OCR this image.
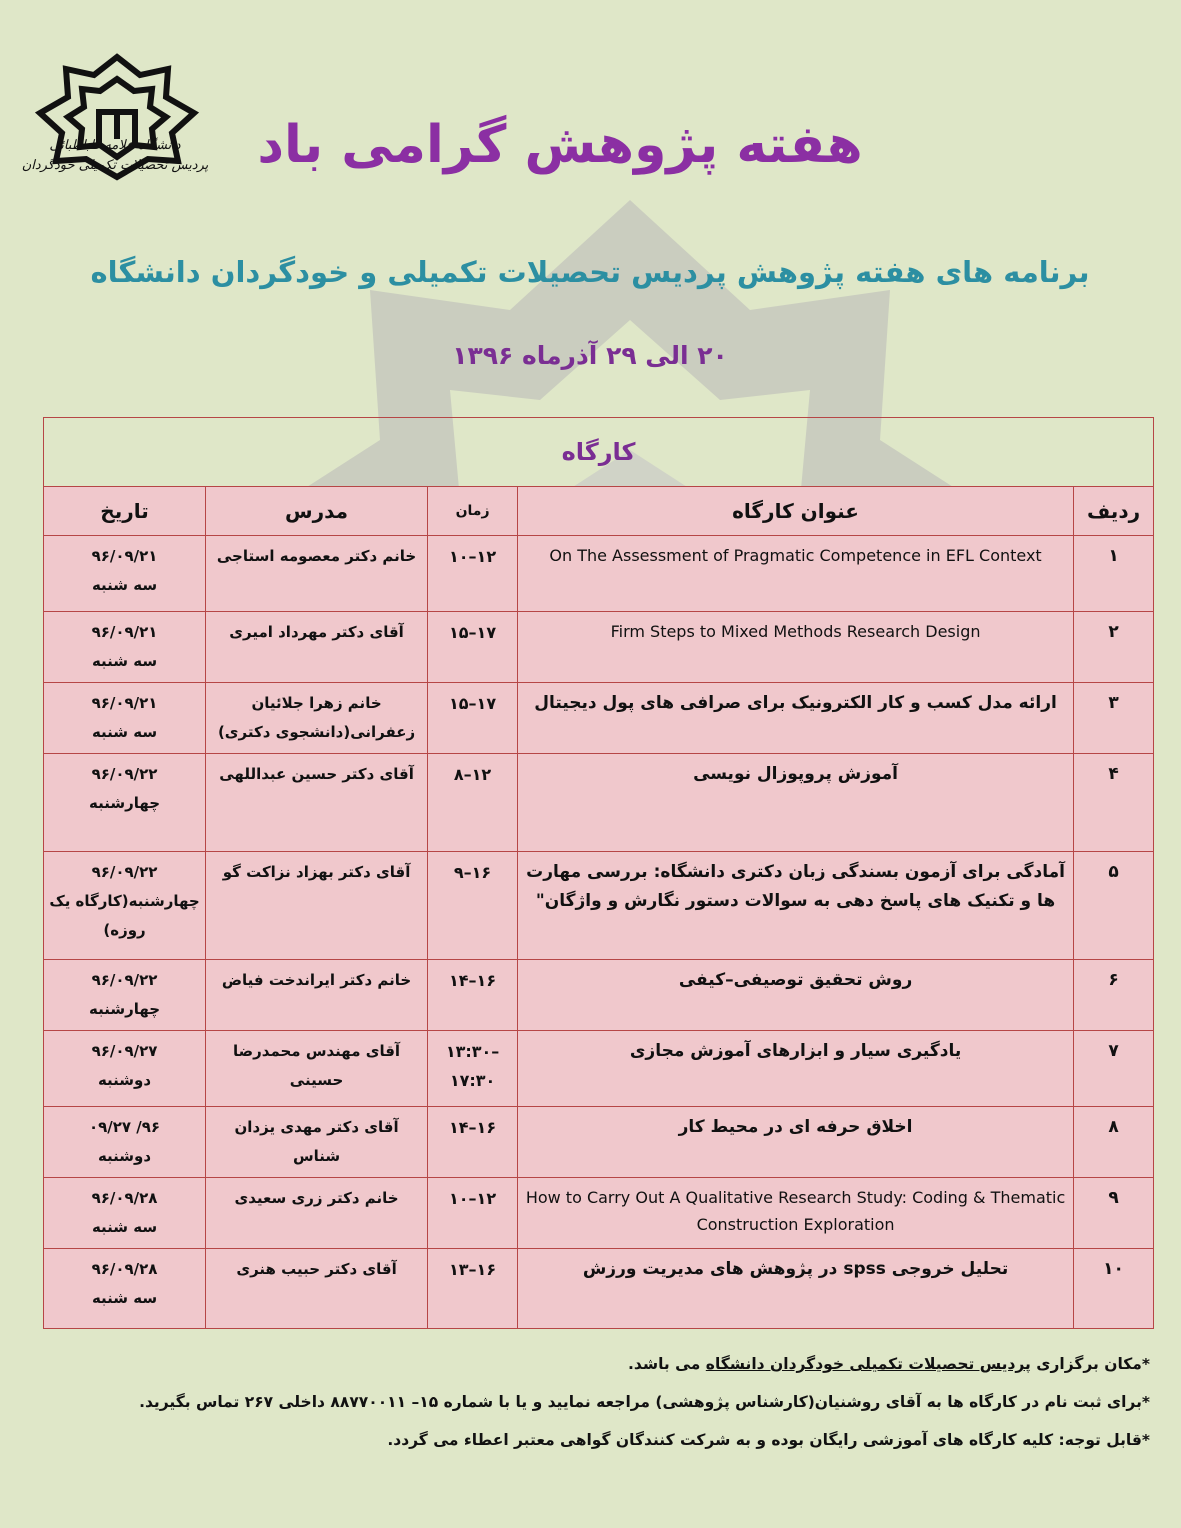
دانشگاه علامه طباطبائی
پردیس تحصیلات تکمیلی خودگردان هفته پژوهش گرامی باد
برنامه های هفته پژوهش پردیس تحصیلات تکمیلی و خودگردان دانشگاه
۲۰ الی ۲۹ آذرماه ۱۳۹۶
کارگاه				
ردیف	عنوان کارگاه	زمان	مدرس	تاریخ
۱	On The Assessment of Pragmatic Competence in EFL Context	۱۲–۱۰	خانم دکتر معصومه استاجی	۹۶/۰۹/۲۱
سه شنبه

۲	Firm Steps to Mixed Methods Research Design	۱۷–۱۵	آقای دکتر مهرداد امیری	۹۶/۰۹/۲۱
سه شنبه

۳	ارائه مدل کسب و کار الکترونیک برای صرافی های پول دیجیتال	۱۷–۱۵	خانم زهرا جلائیان زعفرانی(دانشجوی دکتری)	۹۶/۰۹/۲۱
سه شنبه

۴	آموزش پروپوزال نویسی	۱۲–۸	آقای دکتر حسین عبداللهی	۹۶/۰۹/۲۲
چهارشنبه

۵	آمادگی برای آزمون بسندگی زبان دکتری دانشگاه: بررسی مهارت ها و تکنیک های پاسخ دهی به سوالات دستور نگارش و واژگان"	۱۶–۹	آقای دکتر بهزاد نزاکت گو	۹۶/۰۹/۲۲
چهارشنبه(کارگاه یک روزه)

۶	روش تحقیق توصیفی–کیفی	۱۶–۱۴	خانم دکتر ایراندخت فیاض	۹۶/۰۹/۲۲
چهارشنبه

۷	یادگیری سیار و ابزارهای آموزش مجازی	–۱۳:۳۰ ۱۷:۳۰	آقای مهندس محمدرضا حسینی	۹۶/۰۹/۲۷
دوشنبه

۸	اخلاق حرفه ای در محیط کار	۱۶–۱۴	آقای دکتر مهدی یزدان شناس	۹۶/ ۰۹/۲۷
دوشنبه

۹	How to Carry Out A Qualitative Research Study: Coding & Thematic Construction Exploration	۱۲–۱۰	خانم دکتر زری سعیدی	۹۶/۰۹/۲۸
سه شنبه

۱۰	تحلیل خروجی spss در پژوهش های مدیریت ورزش	۱۶–۱۳	آقای دکتر حبیب هنری	۹۶/۰۹/۲۸
سه شنبه
*مکان برگزاری پردیس تحصیلات تکمیلی خودگردان دانشگاه می باشد.
*برای ثبت نام در کارگاه ها به آقای روشنیان(کارشناس پژوهشی) مراجعه نمایید و یا با شماره ۱۵– ۸۸۷۷۰۰۱۱ داخلی ۲۶۷ تماس بگیرید.
*قابل توجه: کلیه کارگاه های آموزشی رایگان بوده و به شرکت کنندگان گواهی معتبر اعطاء می گردد.
